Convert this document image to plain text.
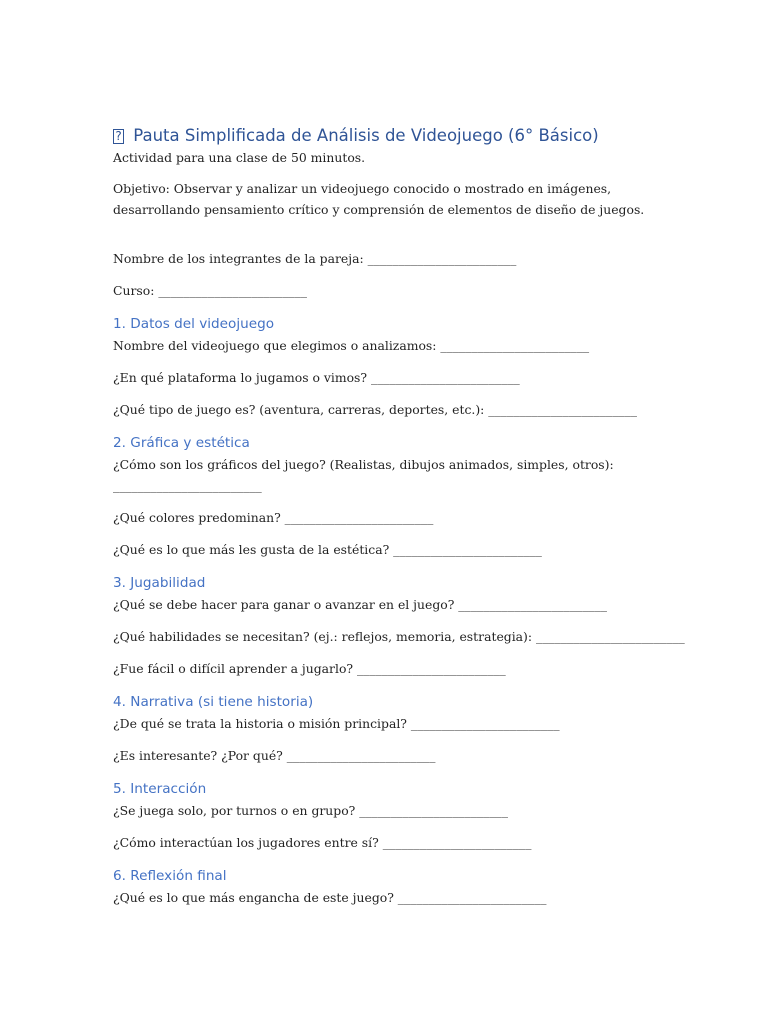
? Pauta Simplificada de Análisis de Videojuego (6° Básico)

Actividad para una clase de 50 minutos.

Objetivo: Observar y analizar un videojuego conocido o mostrado en imágenes,

desarrollando pensamiento crítico y comprensión de elementos de diseño de juegos.

Nombre de los integrantes de la pareja: ________________________

Curso: ________________________

1. Datos del videojuego

Nombre del videojuego que elegimos o analizamos: ________________________

¿En qué plataforma lo jugamos o vimos? ________________________

¿Qué tipo de juego es? (aventura, carreras, deportes, etc.): ________________________

2. Gráfica y estética

¿Cómo son los gráficos del juego? (Realistas, dibujos animados, simples, otros):

________________________

¿Qué colores predominan? ________________________

¿Qué es lo que más les gusta de la estética? ________________________

3. Jugabilidad

¿Qué se debe hacer para ganar o avanzar en el juego? ________________________

¿Qué habilidades se necesitan? (ej.: reflejos, memoria, estrategia): ________________________

¿Fue fácil o difícil aprender a jugarlo? ________________________

4. Narrativa (si tiene historia)

¿De qué se trata la historia o misión principal? ________________________

¿Es interesante? ¿Por qué? ________________________

5. Interacción

¿Se juega solo, por turnos o en grupo? ________________________

¿Cómo interactúan los jugadores entre sí? ________________________

6. Reflexión final

¿Qué es lo que más engancha de este juego? ________________________
